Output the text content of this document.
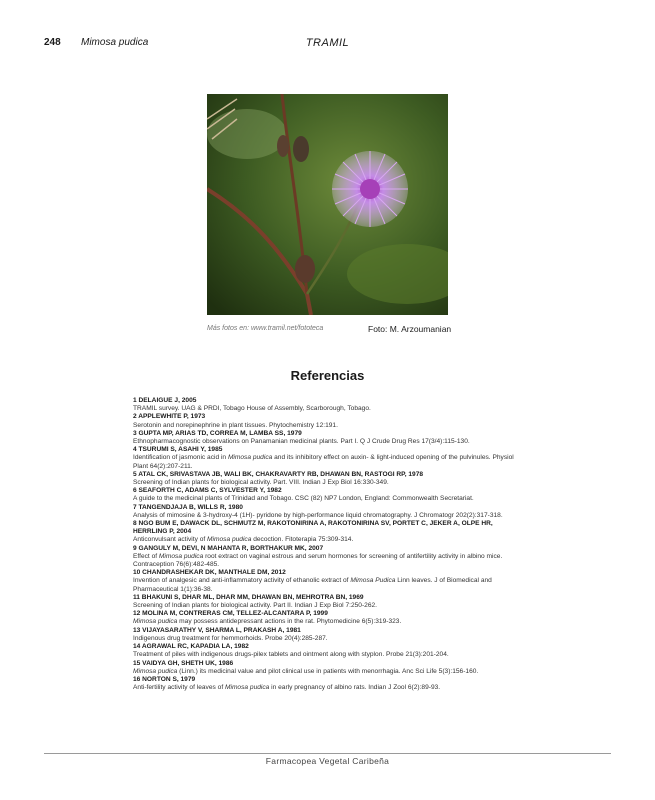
248 Mimosa pudica	TRAMIL
Más fotos en: www.tramil.net/fototeca	Foto: M. Arzoumanian
Referencias
1 DELAIGUE J, 2005
TRAMIL survey. UAG & PRDI, Tobago House of Assembly, Scarborough, Tobago.
2 APPLEWHITE P, 1973
Serotonin and norepinephrine in plant tissues. Phytochemistry 12:191.
3 GUPTA MP, ARIAS TD, CORREA M, LAMBA SS, 1979
Ethnopharmacognostic observations on Panamanian medicinal plants. Part I. Q J Crude Drug Res 17(3/4):115-130.
4 TSURUMI S, ASAHI Y, 1985
Identification of jasmonic acid in Mimosa pudica and its inhibitory effect on auxin- & light-induced opening of the pulvinules. Physiol Plant 64(2):207-211.
5 ATAL CK, SRIVASTAVA JB, WALI BK, CHAKRAVARTY RB, DHAWAN BN, RASTOGI RP, 1978
Screening of Indian plants for biological activity. Part. VIII. Indian J Exp Biol 16:330-349.
6 SEAFORTH C, ADAMS C, SYLVESTER Y, 1982
A guide to the medicinal plants of Trinidad and Tobago. CSC (82) NP7 London, England: Commonwealth Secretariat.
7 TANGENDJAJA B, WILLS R, 1980
Analysis of mimosine & 3-hydroxy-4 (1H)- pyridone by high-performance liquid chromatography. J Chromatogr 202(2):317-318.
8 NGO BUM E, DAWACK DL, SCHMUTZ M, RAKOTONIRINA A, RAKOTONIRINA SV, PORTET C, JEKER A, OLPE HR, HERRLING P, 2004
Anticonvulsant activity of Mimosa pudica decoction. Fitoterapia 75:309-314.
9 GANGULY M, DEVI, N MAHANTA R, BORTHAKUR MK, 2007
Effect of Mimosa pudica root extract on vaginal estrous and serum hormones for screening of antifertility activity in albino mice. Contraception 76(6):482-485.
10 CHANDRASHEKAR DK, MANTHALE DM, 2012
Invention of analgesic and anti-inflammatory activity of ethanolic extract of Mimosa Pudica Linn leaves. J of Biomedical and Pharmaceutical 1(1):36-38.
11 BHAKUNI S, DHAR ML, DHAR MM, DHAWAN BN, MEHROTRA BN, 1969
Screening of Indian plants for biological activity. Part II. Indian J Exp Biol 7:250-262.
12 MOLINA M, CONTRERAS CM, TELLEZ-ALCANTARA P, 1999
Mimosa pudica may possess antidepressant actions in the rat. Phytomedicine 6(5):319-323.
13 VIJAYASARATHY V, SHARMA L, PRAKASH A, 1981
Indigenous drug treatment for hemmorhoids. Probe 20(4):285-287.
14 AGRAWAL RC, KAPADIA LA, 1982
Treatment of piles with indigenous drugs-pilex tablets and ointment along with styplon. Probe 21(3):201-204.
15 VAIDYA GH, SHETH UK, 1986
Mimosa pudica (Linn.) its medicinal value and pilot clinical use in patients with menorrhagia. Anc Sci Life 5(3):156-160.
16 NORTON S, 1979
Anti-fertility activity of leaves of Mimosa pudica in early pregnancy of albino rats. Indian J Zool 6(2):89-93.
Farmacopea Vegetal Caribeña
